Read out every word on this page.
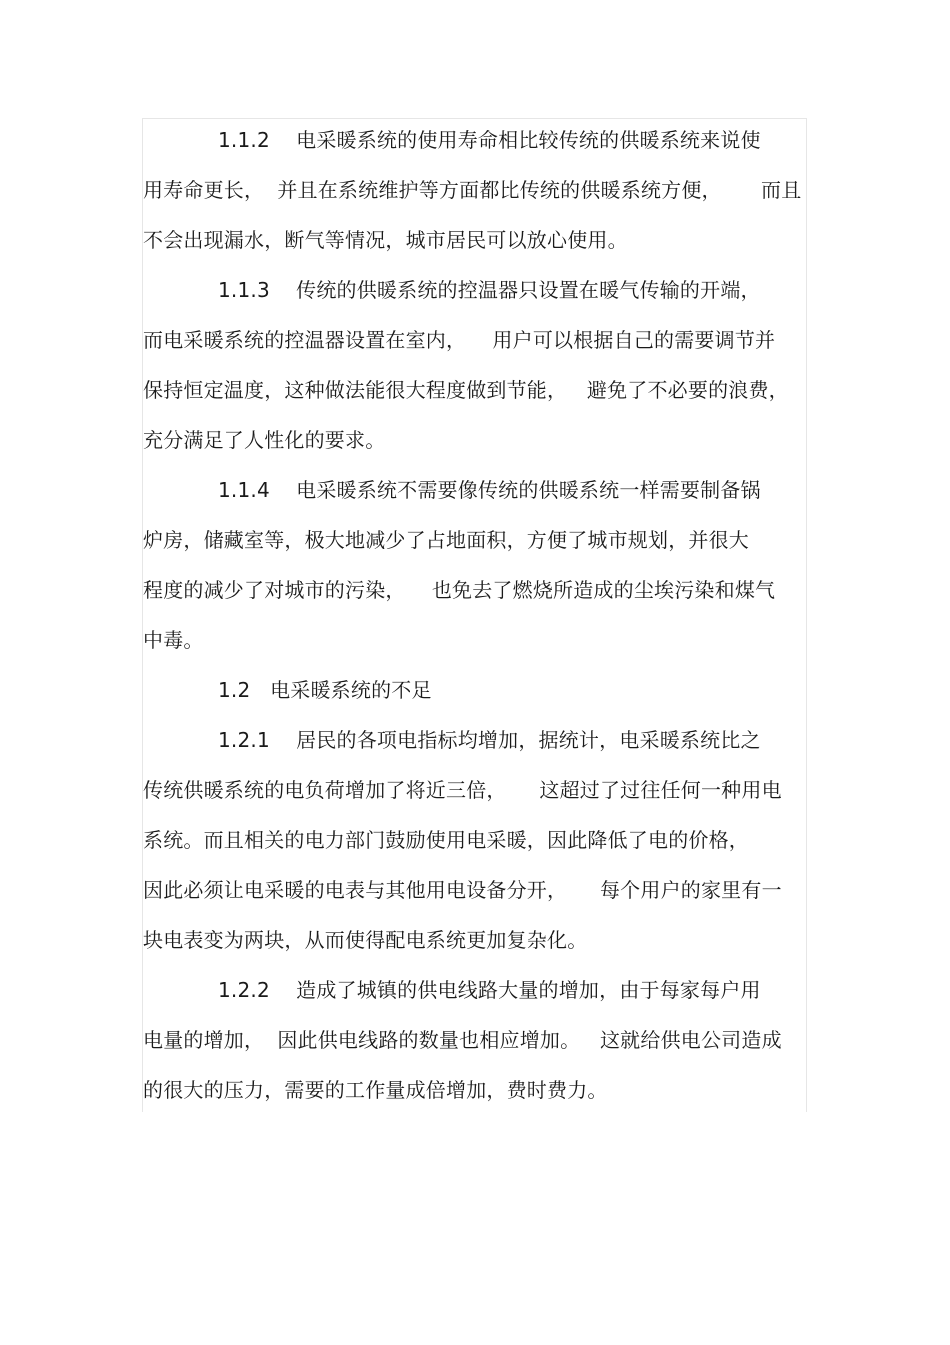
1.1.2    电采暖系统的使用寿命相比较传统的供暖系统来说使
用寿命更长，  并且在系统维护等方面都比传统的供暖系统方便，      而且
不会出现漏水，断气等情况，城市居民可以放心使用。
1.1.3    传统的供暖系统的控温器只设置在暖气传输的开端，
而电采暖系统的控温器设置在室内，    用户可以根据自己的需要调节并
保持恒定温度，这种做法能很大程度做到节能，   避免了不必要的浪费，
充分满足了人性化的要求。
1.1.4    电采暖系统不需要像传统的供暖系统一样需要制备锅
炉房，储藏室等，极大地减少了占地面积，方便了城市规划，并很大
程度的减少了对城市的污染，    也免去了燃烧所造成的尘埃污染和煤气
中毒。
1.2   电采暖系统的不足
1.2.1    居民的各项电指标均增加，据统计，电采暖系统比之
传统供暖系统的电负荷增加了将近三倍，     这超过了过往任何一种用电
系统。而且相关的电力部门鼓励使用电采暖，因此降低了电的价格，
因此必须让电采暖的电表与其他用电设备分开，     每个用户的家里有一
块电表变为两块，从而使得配电系统更加复杂化。
1.2.2    造成了城镇的供电线路大量的增加，由于每家每户用
电量的增加，  因此供电线路的数量也相应增加。   这就给供电公司造成
的很大的压力，需要的工作量成倍增加，费时费力。
